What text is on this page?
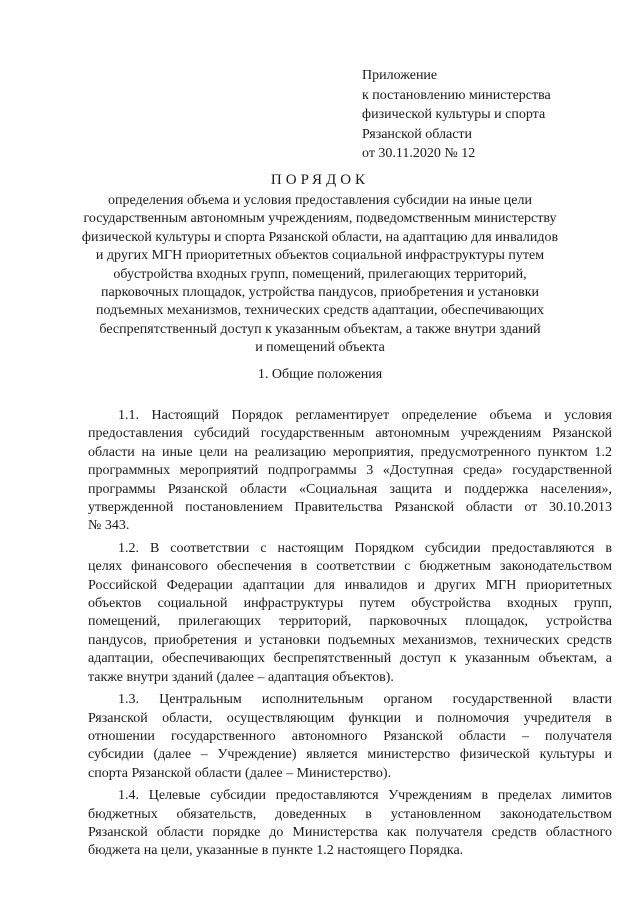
Приложение
к постановлению министерства
физической культуры и спорта
Рязанской области
от 30.11.2020 № 12
ПОРЯДОК
определения объема и условия предоставления субсидии на иные цели
государственным автономным учреждениям, подведомственным министерству
физической культуры и спорта Рязанской области, на адаптацию для инвалидов
и других МГН приоритетных объектов социальной инфраструктуры путем
обустройства входных групп, помещений, прилегающих территорий,
парковочных площадок, устройства пандусов, приобретения и установки
подъемных механизмов, технических средств адаптации, обеспечивающих
беспрепятственный доступ к указанным объектам, а также внутри зданий
и помещений объекта
1. Общие положения
1.1. Настоящий Порядок регламентирует определение объема и условия
предоставления субсидий государственным автономным учреждениям Рязанской
области на иные цели на реализацию мероприятия, предусмотренного пунктом 1.2
программных мероприятий подпрограммы 3 «Доступная среда» государственной
программы Рязанской области «Социальная защита и поддержка населения»,
утвержденной постановлением Правительства Рязанской области от 30.10.2013
№ 343.
1.2. В соответствии с настоящим Порядком субсидии предоставляются в
целях финансового обеспечения в соответствии с бюджетным законодательством
Российской Федерации адаптации для инвалидов и других МГН приоритетных
объектов социальной инфраструктуры путем обустройства входных групп,
помещений, прилегающих территорий, парковочных площадок, устройства
пандусов, приобретения и установки подъемных механизмов, технических средств
адаптации, обеспечивающих беспрепятственный доступ к указанным объектам, а
также внутри зданий (далее – адаптация объектов).
1.3. Центральным исполнительным органом государственной власти
Рязанской области, осуществляющим функции и полномочия учредителя в
отношении государственного автономного Рязанской области – получателя
субсидии (далее – Учреждение) является министерство физической культуры и
спорта Рязанской области (далее – Министерство).
1.4. Целевые субсидии предоставляются Учреждениям в пределах лимитов
бюджетных обязательств, доведенных в установленном законодательством
Рязанской области порядке до Министерства как получателя средств областного
бюджета на цели, указанные в пункте 1.2 настоящего Порядка.
